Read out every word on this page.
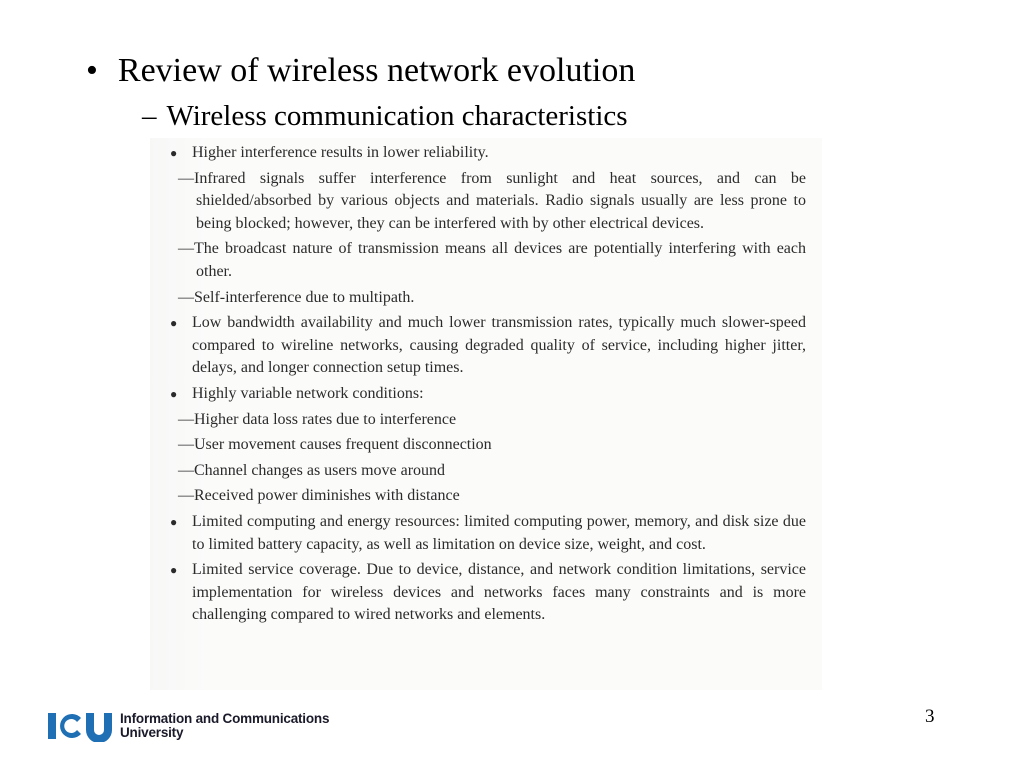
• Review of wireless network evolution
– Wireless communication characteristics
● Higher interference results in lower reliability.
—Infrared signals suffer interference from sunlight and heat sources, and can be shielded/absorbed by various objects and materials. Radio signals usually are less prone to being blocked; however, they can be interfered with by other electrical devices.
—The broadcast nature of transmission means all devices are potentially interfering with each other.
—Self-interference due to multipath.
● Low bandwidth availability and much lower transmission rates, typically much slower-speed compared to wireline networks, causing degraded quality of service, including higher jitter, delays, and longer connection setup times.
● Highly variable network conditions:
—Higher data loss rates due to interference
—User movement causes frequent disconnection
—Channel changes as users move around
—Received power diminishes with distance
● Limited computing and energy resources: limited computing power, memory, and disk size due to limited battery capacity, as well as limitation on device size, weight, and cost.
● Limited service coverage. Due to device, distance, and network condition limitations, service implementation for wireless devices and networks faces many constraints and is more challenging compared to wired networks and elements.
3
Information and Communications
University
